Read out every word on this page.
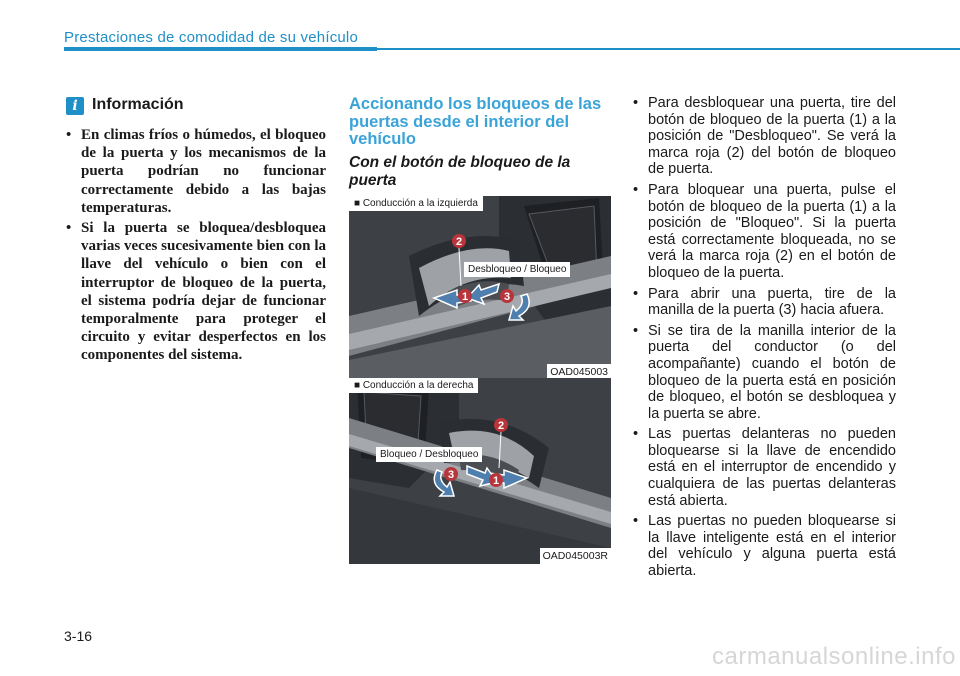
Prestaciones de comodidad de su vehículo
i Información
• En climas fríos o húmedos, el bloqueo de la puerta y los mecanismos de la puerta podrían no funcionar correctamente debido a las bajas temperaturas.
• Si la puerta se bloquea/desbloquea varias veces sucesivamente bien con la llave del vehículo o bien con el interruptor de bloqueo de la puerta, el sistema podría dejar de funcionar temporalmente para proteger el circuito y evitar desperfectos en los componentes del sistema.
Accionando los bloqueos de las puertas desde el interior del vehículo
Con el botón de bloqueo de la puerta
1
2
3
■ Conducción a la izquierda
Desbloqueo / Bloqueo
OAD045003
1
2
3
■ Conducción a la derecha
Bloqueo / Desbloqueo
OAD045003R
• Para desbloquear una puerta, tire del botón de bloqueo de la puerta (1) a la posición de "Desbloqueo". Se verá la marca roja (2) del botón de bloqueo de puerta.
• Para bloquear una puerta, pulse el botón de bloqueo de la puerta (1) a la posición de "Bloqueo". Si la puerta está correctamente bloqueada, no se verá la marca roja (2) en el botón de bloqueo de la puerta.
• Para abrir una puerta, tire de la manilla de la puerta (3) hacia afuera.
• Si se tira de la manilla interior de la puerta del conductor (o del acompañante) cuando el botón de bloqueo de la puerta está en posición de bloqueo, el botón se desbloquea y la puerta se abre.
• Las puertas delanteras no pueden bloquearse si la llave de encendido está en el interruptor de encendido y cualquiera de las puertas delanteras está abierta.
• Las puertas no pueden bloquearse si la llave inteligente está en el interior del vehículo y alguna puerta está abierta.
3-16
carmanualsonline.info
